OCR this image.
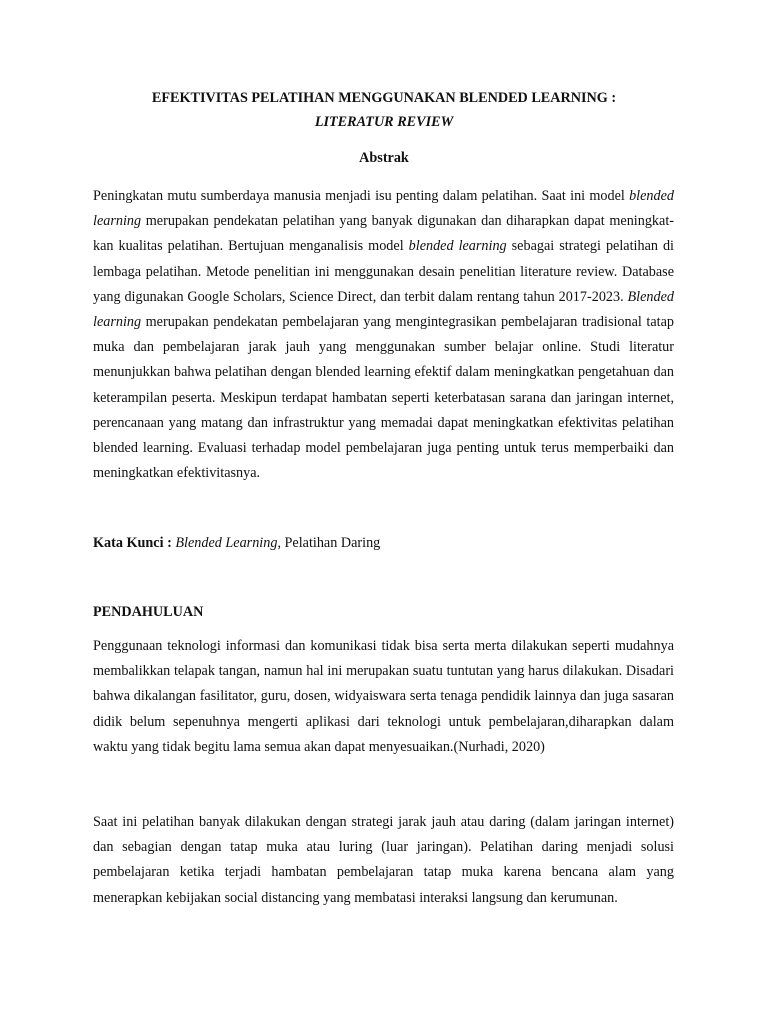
EFEKTIVITAS PELATIHAN MENGGUNAKAN BLENDED LEARNING :

LITERATUR REVIEW

Abstrak

Peningkatan mutu sumberdaya manusia menjadi isu penting dalam pelatihan. Saat ini model blended learning merupakan pendekatan pelatihan yang banyak digunakan dan diharapkan dapat meningkat-kan kualitas pelatihan. Bertujuan menganalisis model blended learning sebagai strategi pelatihan di lembaga pelatihan. Metode penelitian ini menggunakan desain penelitian literature review. Database yang digunakan Google Scholars, Science Direct, dan terbit dalam rentang tahun 2017-2023. Blended learning merupakan pendekatan pembelajaran yang mengintegrasikan pembelajaran tradisional tatap muka dan pembelajaran jarak jauh yang menggunakan sumber belajar online. Studi literatur menunjukkan bahwa pelatihan dengan blended learning efektif dalam meningkatkan pengetahuan dan keterampilan peserta. Meskipun terdapat hambatan seperti keterbatasan sarana dan jaringan internet, perencanaan yang matang dan infrastruktur yang memadai dapat meningkatkan efektivitas pelatihan blended learning. Evaluasi terhadap model pembelajaran juga penting untuk terus memperbaiki dan meningkatkan efektivitasnya.

Kata Kunci : Blended Learning, Pelatihan Daring

PENDAHULUAN

Penggunaan teknologi informasi dan komunikasi tidak bisa serta merta dilakukan seperti mudahnya membalikkan telapak tangan, namun hal ini merupakan suatu tuntutan yang harus dilakukan. Disadari bahwa dikalangan fasilitator, guru, dosen, widyaiswara serta tenaga pendidik lainnya dan juga sasaran didik belum sepenuhnya mengerti aplikasi dari teknologi untuk pembelajaran,diharapkan dalam waktu yang tidak begitu lama semua akan dapat menyesuaikan.(Nurhadi, 2020)

Saat ini pelatihan banyak dilakukan dengan strategi jarak jauh atau daring (dalam jaringan internet) dan sebagian dengan tatap muka atau luring (luar jaringan). Pelatihan daring menjadi solusi pembelajaran ketika terjadi hambatan pembelajaran tatap muka karena bencana alam yang menerapkan kebijakan social distancing yang membatasi interaksi langsung dan kerumunan.
